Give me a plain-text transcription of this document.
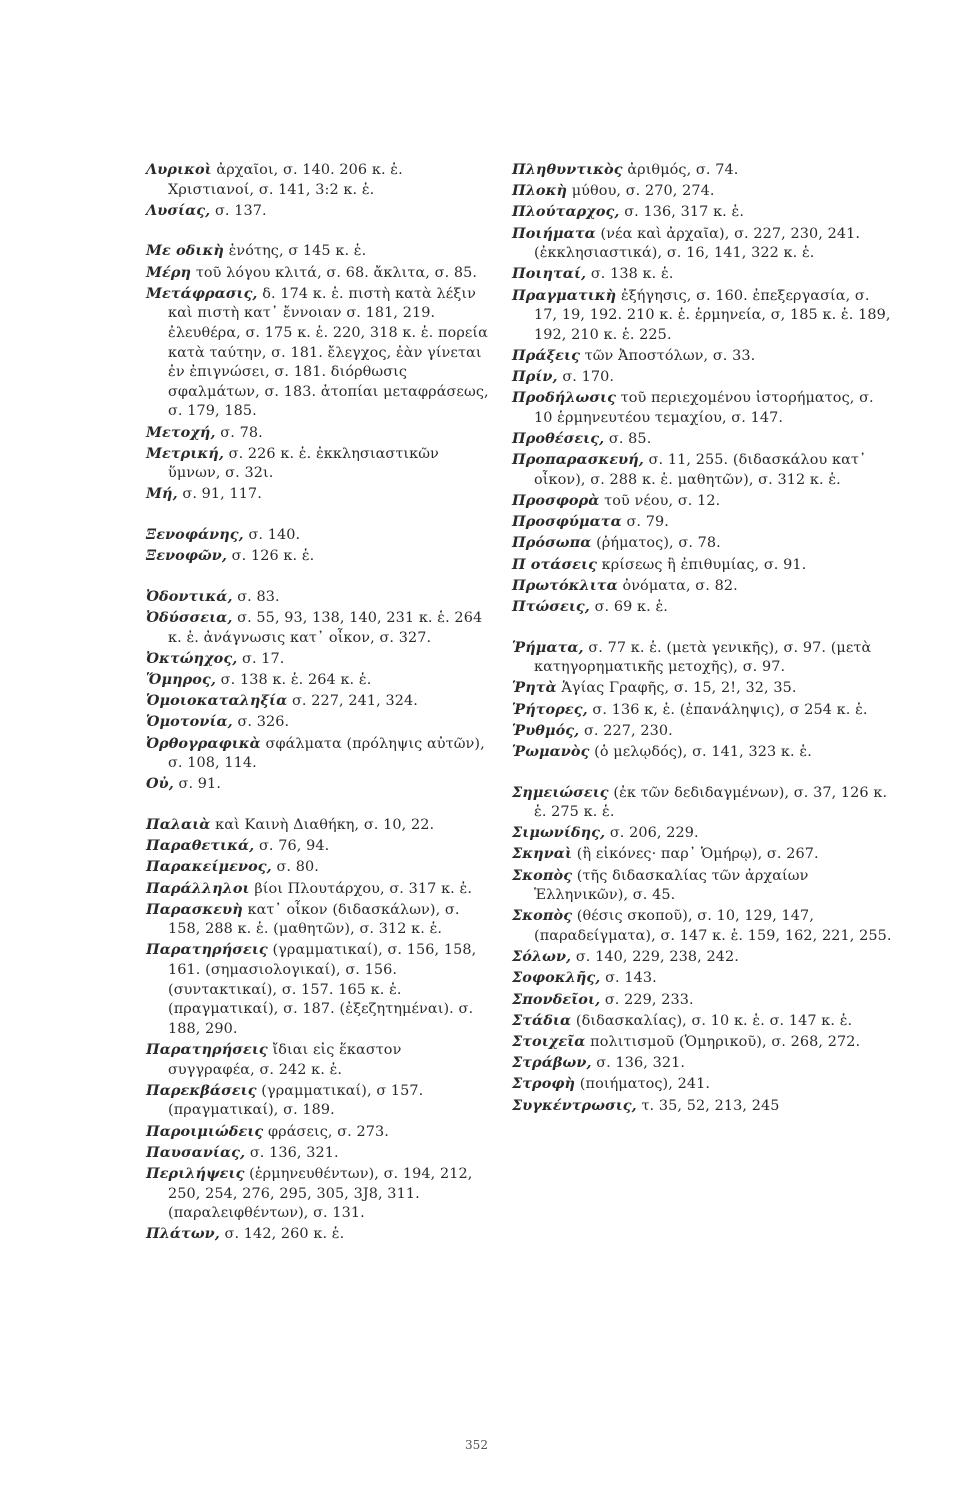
Λυρικοὶ ἀρχαῖοι, σ. 140. 206 κ. ἑ. Χριστιανοί, σ. 141, 3:2 κ. ἑ.
Λυσίας, σ. 137.
Με οδικὴ ἑνότης, σ 145 κ. ἑ.
Μέρη τοῦ λόγου κλιτά, σ. 68. ἄκλιτα, σ. 85.
Μετάφρασις, δ. 174 κ. ἑ. πιστὴ κατὰ λέξιν καὶ πιστὴ κατ᾽ ἔννοιαν σ. 181, 219. ἐλευθέρα, σ. 175 κ. ἑ. 220, 318 κ. ἑ. πορεία κατὰ ταύτην, σ. 181. ἔλεγχος, ἐὰν γίνεται ἐν ἐπιγνώσει, σ. 181. διόρθωσις σφαλμάτων, σ. 183. ἀτοπίαι μεταφράσεως, σ. 179, 185.
Μετοχή, σ. 78.
Μετρική, σ. 226 κ. ἑ. ἐκκλησιαστικῶν ὕμνων, σ. 32ι.
Μή, σ. 91, 117.
Ξενοφάνης, σ. 140.
Ξενοφῶν, σ. 126 κ. ἑ.
Ὀδοντικά, σ. 83.
Ὀδύσσεια, σ. 55, 93, 138, 140, 231 κ. ἑ. 264 κ. ἑ. ἀνάγνωσις κατ᾽ οἶκον, σ. 327.
Ὀκτώηχος, σ. 17.
Ὅμηρος, σ. 138 κ. ἑ. 264 κ. ἑ.
Ὁμοιοκαταληξία σ. 227, 241, 324.
Ὁμοτονία, σ. 326.
Ὀρθογραφικὰ σφάλματα (πρόληψις αὐτῶν), σ. 108, 114.
Οὐ, σ. 91.
Παλαιὰ καὶ Καινὴ Διαθήκη, σ. 10, 22.
Παραθετικά, σ. 76, 94.
Παρακείμενος, σ. 80.
Παράλληλοι βίοι Πλουτάρχου, σ. 317 κ. ἑ.
Παρασκευὴ κατ᾽ οἶκον (διδασκάλων), σ. 158, 288 κ. ἑ. (μαθητῶν), σ. 312 κ. ἑ.
Παρατηρήσεις (γραμματικαί), σ. 156, 158, 161. (σημασιολογικαί), σ. 156. (συντακτικαί), σ. 157. 165 κ. ἑ. (πραγματικαί), σ. 187. (ἐξεζητημέναι). σ. 188, 290.
Παρατηρήσεις ἴδιαι εἰς ἕκαστον συγγραφέα, σ. 242 κ. ἑ.
Παρεκβάσεις (γραμματικαί), σ 157. (πραγματικαί), σ. 189.
Παροιμιώδεις φράσεις, σ. 273.
Παυσανίας, σ. 136, 321.
Περιλήψεις (ἑρμηνευθέντων), σ. 194, 212, 250, 254, 276, 295, 305, 3J8, 311. (παραλειφθέντων), σ. 131.
Πλάτων, σ. 142, 260 κ. ἑ.
Πληθυντικὸς ἀριθμός, σ. 74.
Πλοκὴ μύθου, σ. 270, 274.
Πλούταρχος, σ. 136, 317 κ. ἑ.
Ποιήματα (νέα καὶ ἀρχαῖα), σ. 227, 230, 241. (ἐκκλησιαστικά), σ. 16, 141, 322 κ. ἑ.
Ποιηταί, σ. 138 κ. ἑ.
Πραγματικὴ ἐξήγησις, σ. 160. ἐπεξεργασία, σ. 17, 19, 192. 210 κ. ἑ. ἑρμηνεία, σ, 185 κ. ἑ. 189, 192, 210 κ. ἑ. 225.
Πράξεις τῶν Ἀποστόλων, σ. 33.
Πρίν, σ. 170.
Προδήλωσις τοῦ περιεχομένου ἱστορήματος, σ. 10 ἑρμηνευτέου τεμαχίου, σ. 147.
Προθέσεις, σ. 85.
Προπαρασκευή, σ. 11, 255. (διδασκάλου κατ᾽ οἶκον), σ. 288 κ. ἑ. μαθητῶν), σ. 312 κ. ἑ.
Προσφορὰ τοῦ νέου, σ. 12.
Προσφύματα σ. 79.
Πρόσωπα (ῥήματος), σ. 78.
Π οτάσεις κρίσεως ἢ ἐπιθυμίας, σ. 91.
Πρωτόκλιτα ὀνόματα, σ. 82.
Πτώσεις, σ. 69 κ. ἑ.
Ῥήματα, σ. 77 κ. ἑ. (μετὰ γενικῆς), σ. 97. (μετὰ κατηγορηματικῆς μετοχῆς), σ. 97.
Ῥητὰ Ἁγίας Γραφῆς, σ. 15, 2!, 32, 35.
Ῥήτορες, σ. 136 κ, ἑ. (ἐπανάληψις), σ 254 κ. ἑ.
Ῥυθμός, σ. 227, 230.
Ῥωμανὸς (ὁ μελῳδός), σ. 141, 323 κ. ἑ.
Σημειώσεις (ἐκ τῶν δεδιδαγμένων), σ. 37, 126 κ. ἑ. 275 κ. ἑ.
Σιμωνίδης, σ. 206, 229.
Σκηναὶ (ἢ εἰκόνες· παρ᾽ Ὁμήρῳ), σ. 267.
Σκοπὸς (τῆς διδασκαλίας τῶν ἀρχαίων Ἑλληνικῶν), σ. 45.
Σκοπὸς (θέσις σκοποῦ), σ. 10, 129, 147, (παραδείγματα), σ. 147 κ. ἑ. 159, 162, 221, 255.
Σόλων, σ. 140, 229, 238, 242.
Σοφοκλῆς, σ. 143.
Σπονδεῖοι, σ. 229, 233.
Στάδια (διδασκαλίας), σ. 10 κ. ἑ. σ. 147 κ. ἑ.
Στοιχεῖα πολιτισμοῦ (Ὁμηρικοῦ), σ. 268, 272.
Στράβων, σ. 136, 321.
Στροφὴ (ποιήματος), 241.
Συγκέντρωσις, τ. 35, 52, 213, 245
352
